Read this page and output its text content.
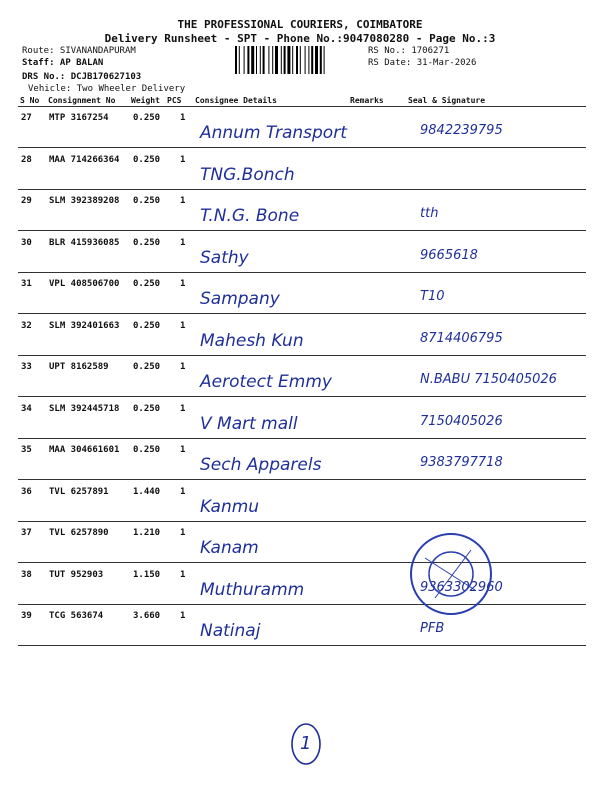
THE PROFESSIONAL COURIERS, COIMBATORE
Delivery Runsheet - SPT - Phone No.:9047080280 - Page No.:3
Route: SIVANANDAPURAM
Staff: AP BALAN
DRS No.: DCJB170627103
Vehicle: Two Wheeler Delivery
RS No.: 1706271
RS Date: 31-Mar-2026
S No Consignment No Weight PCS Consignee Details	Remarks	Seal & Signature
27 MTP 3167254	0.250 1
Annum Transport	9842239795
28 MAA 714266364 0.250 1
TNG.Bonch
29 SLM 392389208 0.250 1
T.N.G. Bone	tth
30 BLR 415936085 0.250 1
Sathy	9665618
31 VPL 408506700 0.250 1
Sampany	T10
32 SLM 392401663 0.250 1
Mahesh Kun	8714406795
33 UPT 8162589	0.250 1
Aerotect Emmy	N.BABU 7150405026
34 SLM 392445718 0.250 1
V Mart mall	7150405026
35 MAA 304661601 0.250 1
Sech Apparels	9383797718
36 TVL 6257891	1.440 1
Kanmu
37 TVL 6257890	1.210 1
Kanam
38 TUT 952903	1.150 1
Muthuramm	9363302960
39 TCG 563674	3.660 1
Natinaj	PFB
1
